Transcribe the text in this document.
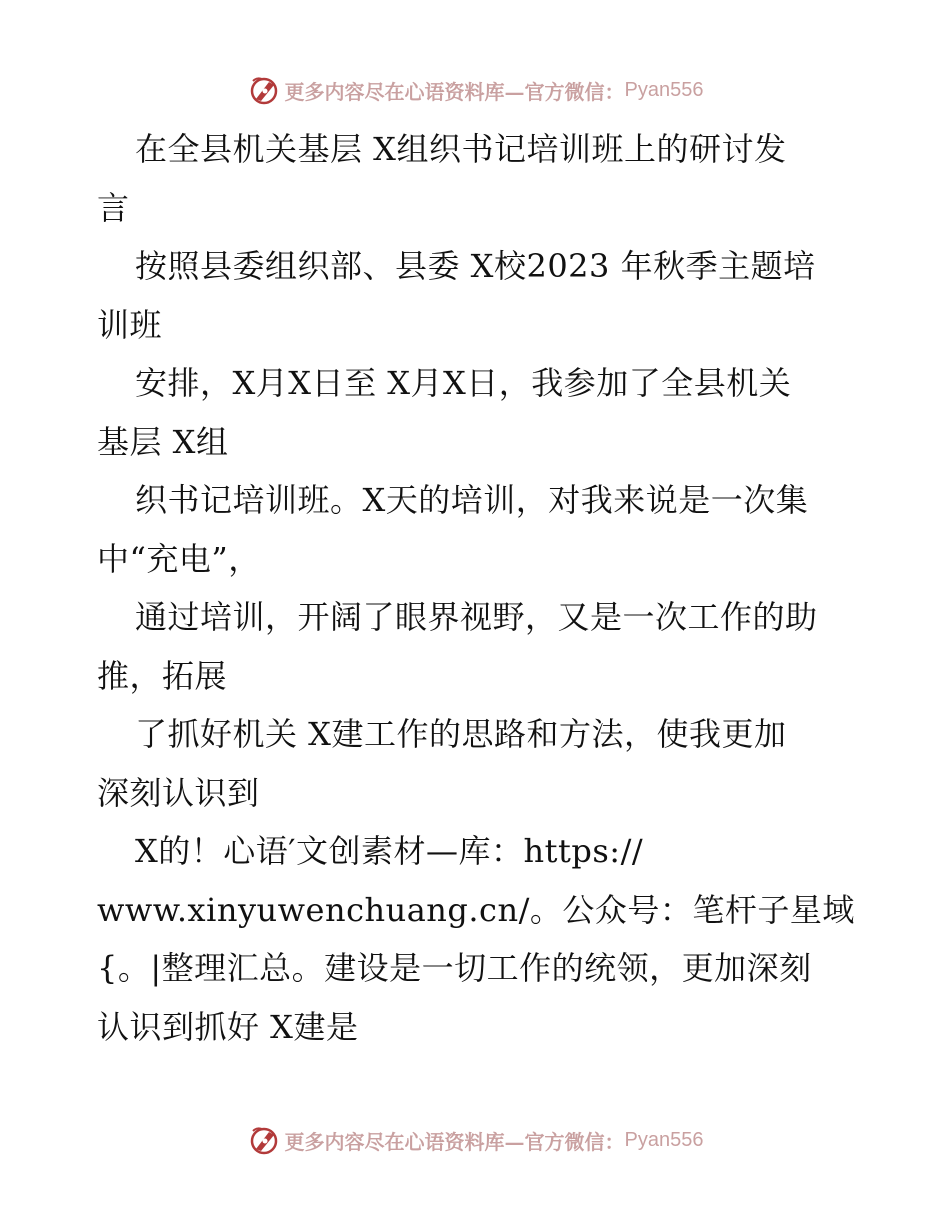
更多内容尽在心语资料库—官方微信： Pyan556

在全县机关基层 X组织书记培训班上的研讨发

言

按照县委组织部、县委 X校2023 年秋季主题培

训班

安排，X月X日至 X月X日，我参加了全县机关

基层 X组

织书记培训班。X天的培训，对我来说是一次集

中“充电”，

通过培训，开阔了眼界视野，又是一次工作的助

推，拓展

了抓好机关 X建工作的思路和方法，使我更加

深刻认识到

X的！心语′文创素材—库：https://

www.xinyuwenchuang.cn/。公众号：笔杆子星域

{。|整理汇总。建设是一切工作的统领，更加深刻

认识到抓好 X建是

更多内容尽在心语资料库—官方微信： Pyan556
